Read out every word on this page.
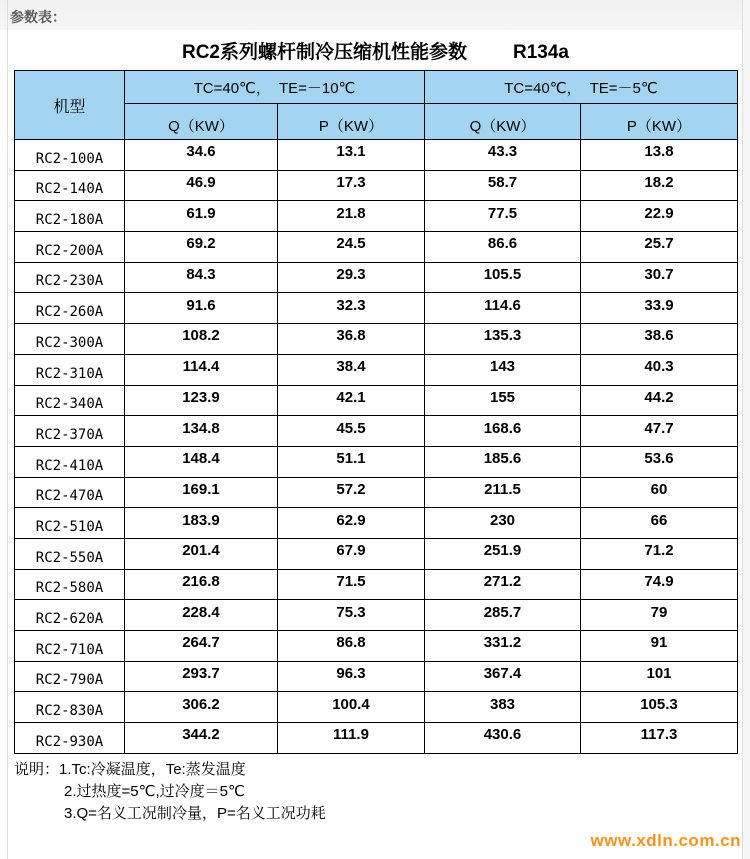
参数表：
RC2系列螺杆制冷压缩机性能参数 R134a
机型	TC=40℃，  TE=－10℃		TC=40℃，  TE=－5℃	
	Q（KW）	P（KW）	Q（KW）	P（KW）
RC2-100A	34.6	13.1	43.3	13.8
RC2-140A	46.9	17.3	58.7	18.2
RC2-180A	61.9	21.8	77.5	22.9
RC2-200A	69.2	24.5	86.6	25.7
RC2-230A	84.3	29.3	105.5	30.7
RC2-260A	91.6	32.3	114.6	33.9
RC2-300A	108.2	36.8	135.3	38.6
RC2-310A	114.4	38.4	143	40.3
RC2-340A	123.9	42.1	155	44.2
RC2-370A	134.8	45.5	168.6	47.7
RC2-410A	148.4	51.1	185.6	53.6
RC2-470A	169.1	57.2	211.5	60
RC2-510A	183.9	62.9	230	66
RC2-550A	201.4	67.9	251.9	71.2
RC2-580A	216.8	71.5	271.2	74.9
RC2-620A	228.4	75.3	285.7	79
RC2-710A	264.7	86.8	331.2	91
RC2-790A	293.7	96.3	367.4	101
RC2-830A	306.2	100.4	383	105.3
RC2-930A	344.2	111.9	430.6	117.3
说明：1.Tc:冷凝温度，Te:蒸发温度
2.过热度=5℃,过冷度＝5℃
3.Q=名义工况制冷量，P=名义工况功耗
www.xdln.com.cn
